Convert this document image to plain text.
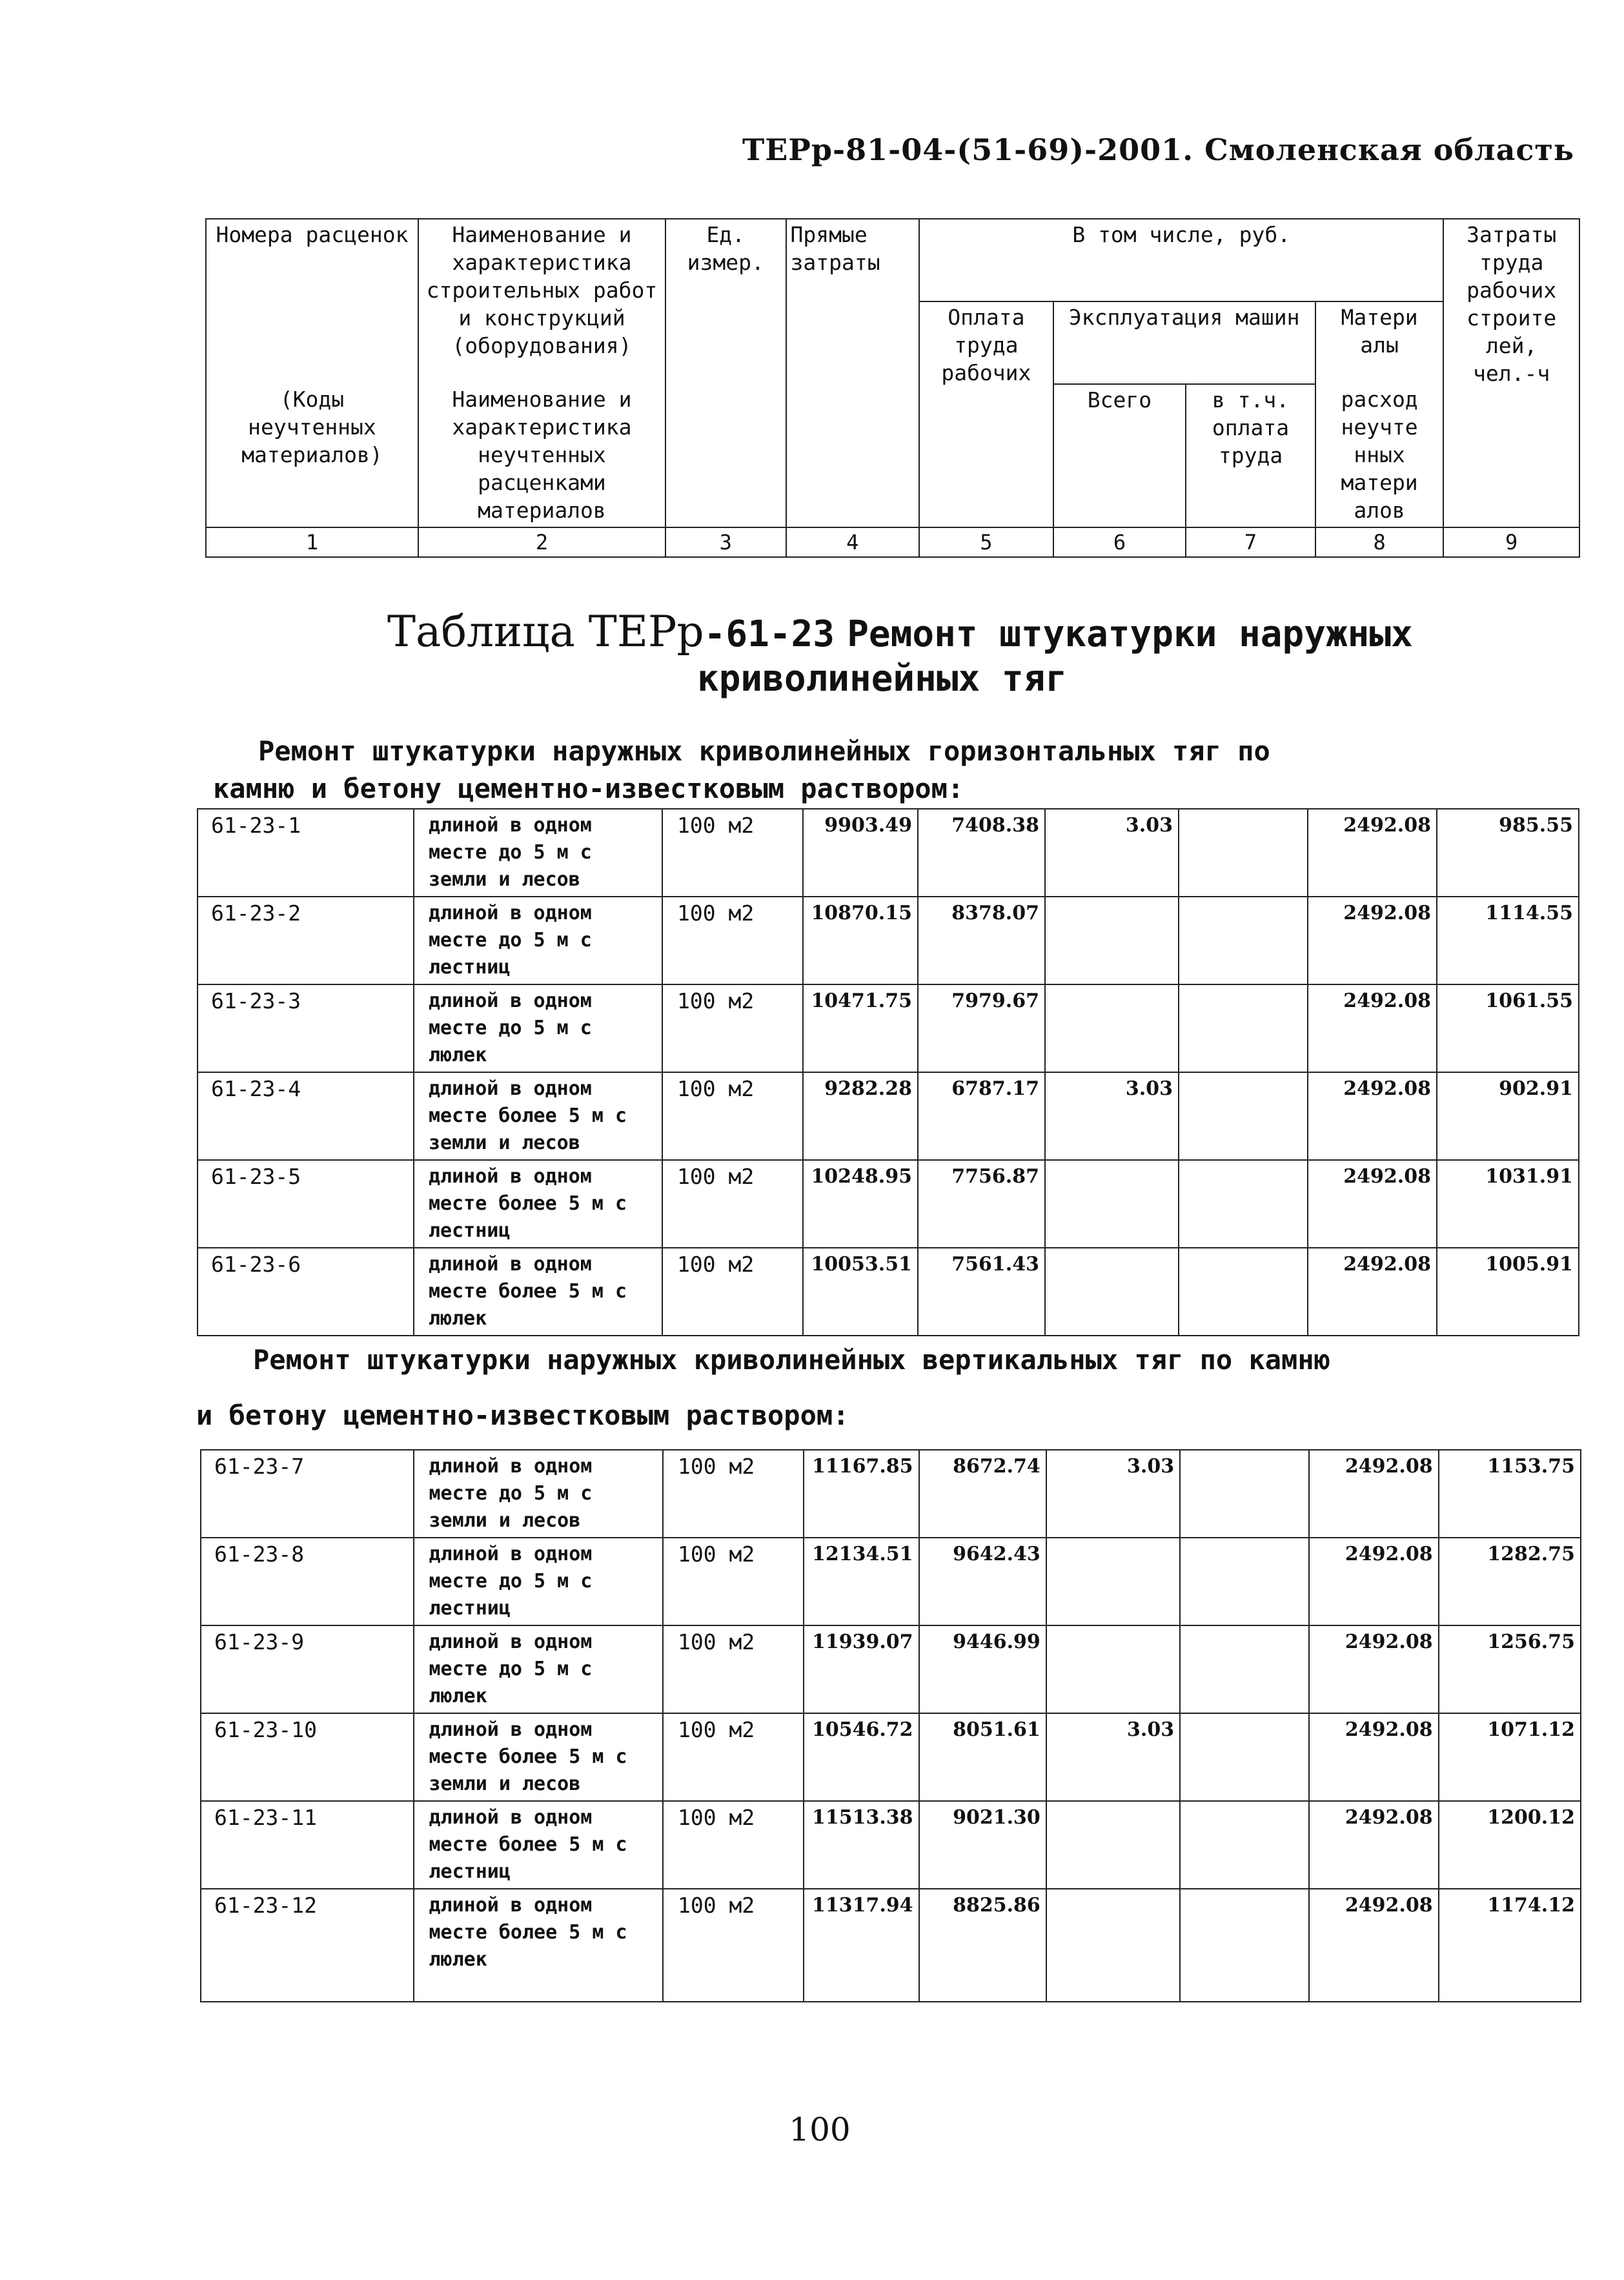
ТЕРр-81-04-(51-69)-2001. Смоленская область
Номера расценок	Наименование и характеристика строительных работ и конструкций (оборудования)	Ед. измер.	Прямые затраты	В том числе, руб.				Затраты труда рабочих строите лей, чел.-ч
				Оплата труда рабочих	Эксплуатация машин		Матери алы	
(Коды неучтенных материалов)	Наименование и характеристика неучтенных расценками материалов				Всего	в т.ч. оплата труда	расход неучте нных матери алов	
1	2	3	4	5	6	7	8	9
Таблица ТЕРр-61-23 Ремонт штукатурки наружных
криволинейных тяг
Ремонт штукатурки наружных криволинейных горизонтальных тяг по
камню и бетону цементно-известковым раствором:
61-23-1	длиной в одном месте до 5 м с земли и лесов	100 м2	9903.49	7408.38	3.03		2492.08	985.55
61-23-2	длиной в одном месте до 5 м с лестниц	100 м2	10870.15	8378.07			2492.08	1114.55
61-23-3	длиной в одном месте до 5 м с люлек	100 м2	10471.75	7979.67			2492.08	1061.55
61-23-4	длиной в одном месте более 5 м с земли и лесов	100 м2	9282.28	6787.17	3.03		2492.08	902.91
61-23-5	длиной в одном месте более 5 м с лестниц	100 м2	10248.95	7756.87			2492.08	1031.91
61-23-6	длиной в одном месте более 5 м с люлек	100 м2	10053.51	7561.43			2492.08	1005.91
Ремонт штукатурки наружных криволинейных вертикальных тяг по камню
и бетону цементно-известковым раствором:
61-23-7	длиной в одном месте до 5 м с земли и лесов	100 м2	11167.85	8672.74	3.03		2492.08	1153.75
61-23-8	длиной в одном месте до 5 м с лестниц	100 м2	12134.51	9642.43			2492.08	1282.75
61-23-9	длиной в одном месте до 5 м с люлек	100 м2	11939.07	9446.99			2492.08	1256.75
61-23-10	длиной в одном месте более 5 м с земли и лесов	100 м2	10546.72	8051.61	3.03		2492.08	1071.12
61-23-11	длиной в одном месте более 5 м с лестниц	100 м2	11513.38	9021.30			2492.08	1200.12
61-23-12	длиной в одном месте более 5 м с люлек	100 м2	11317.94	8825.86			2492.08	1174.12
100
